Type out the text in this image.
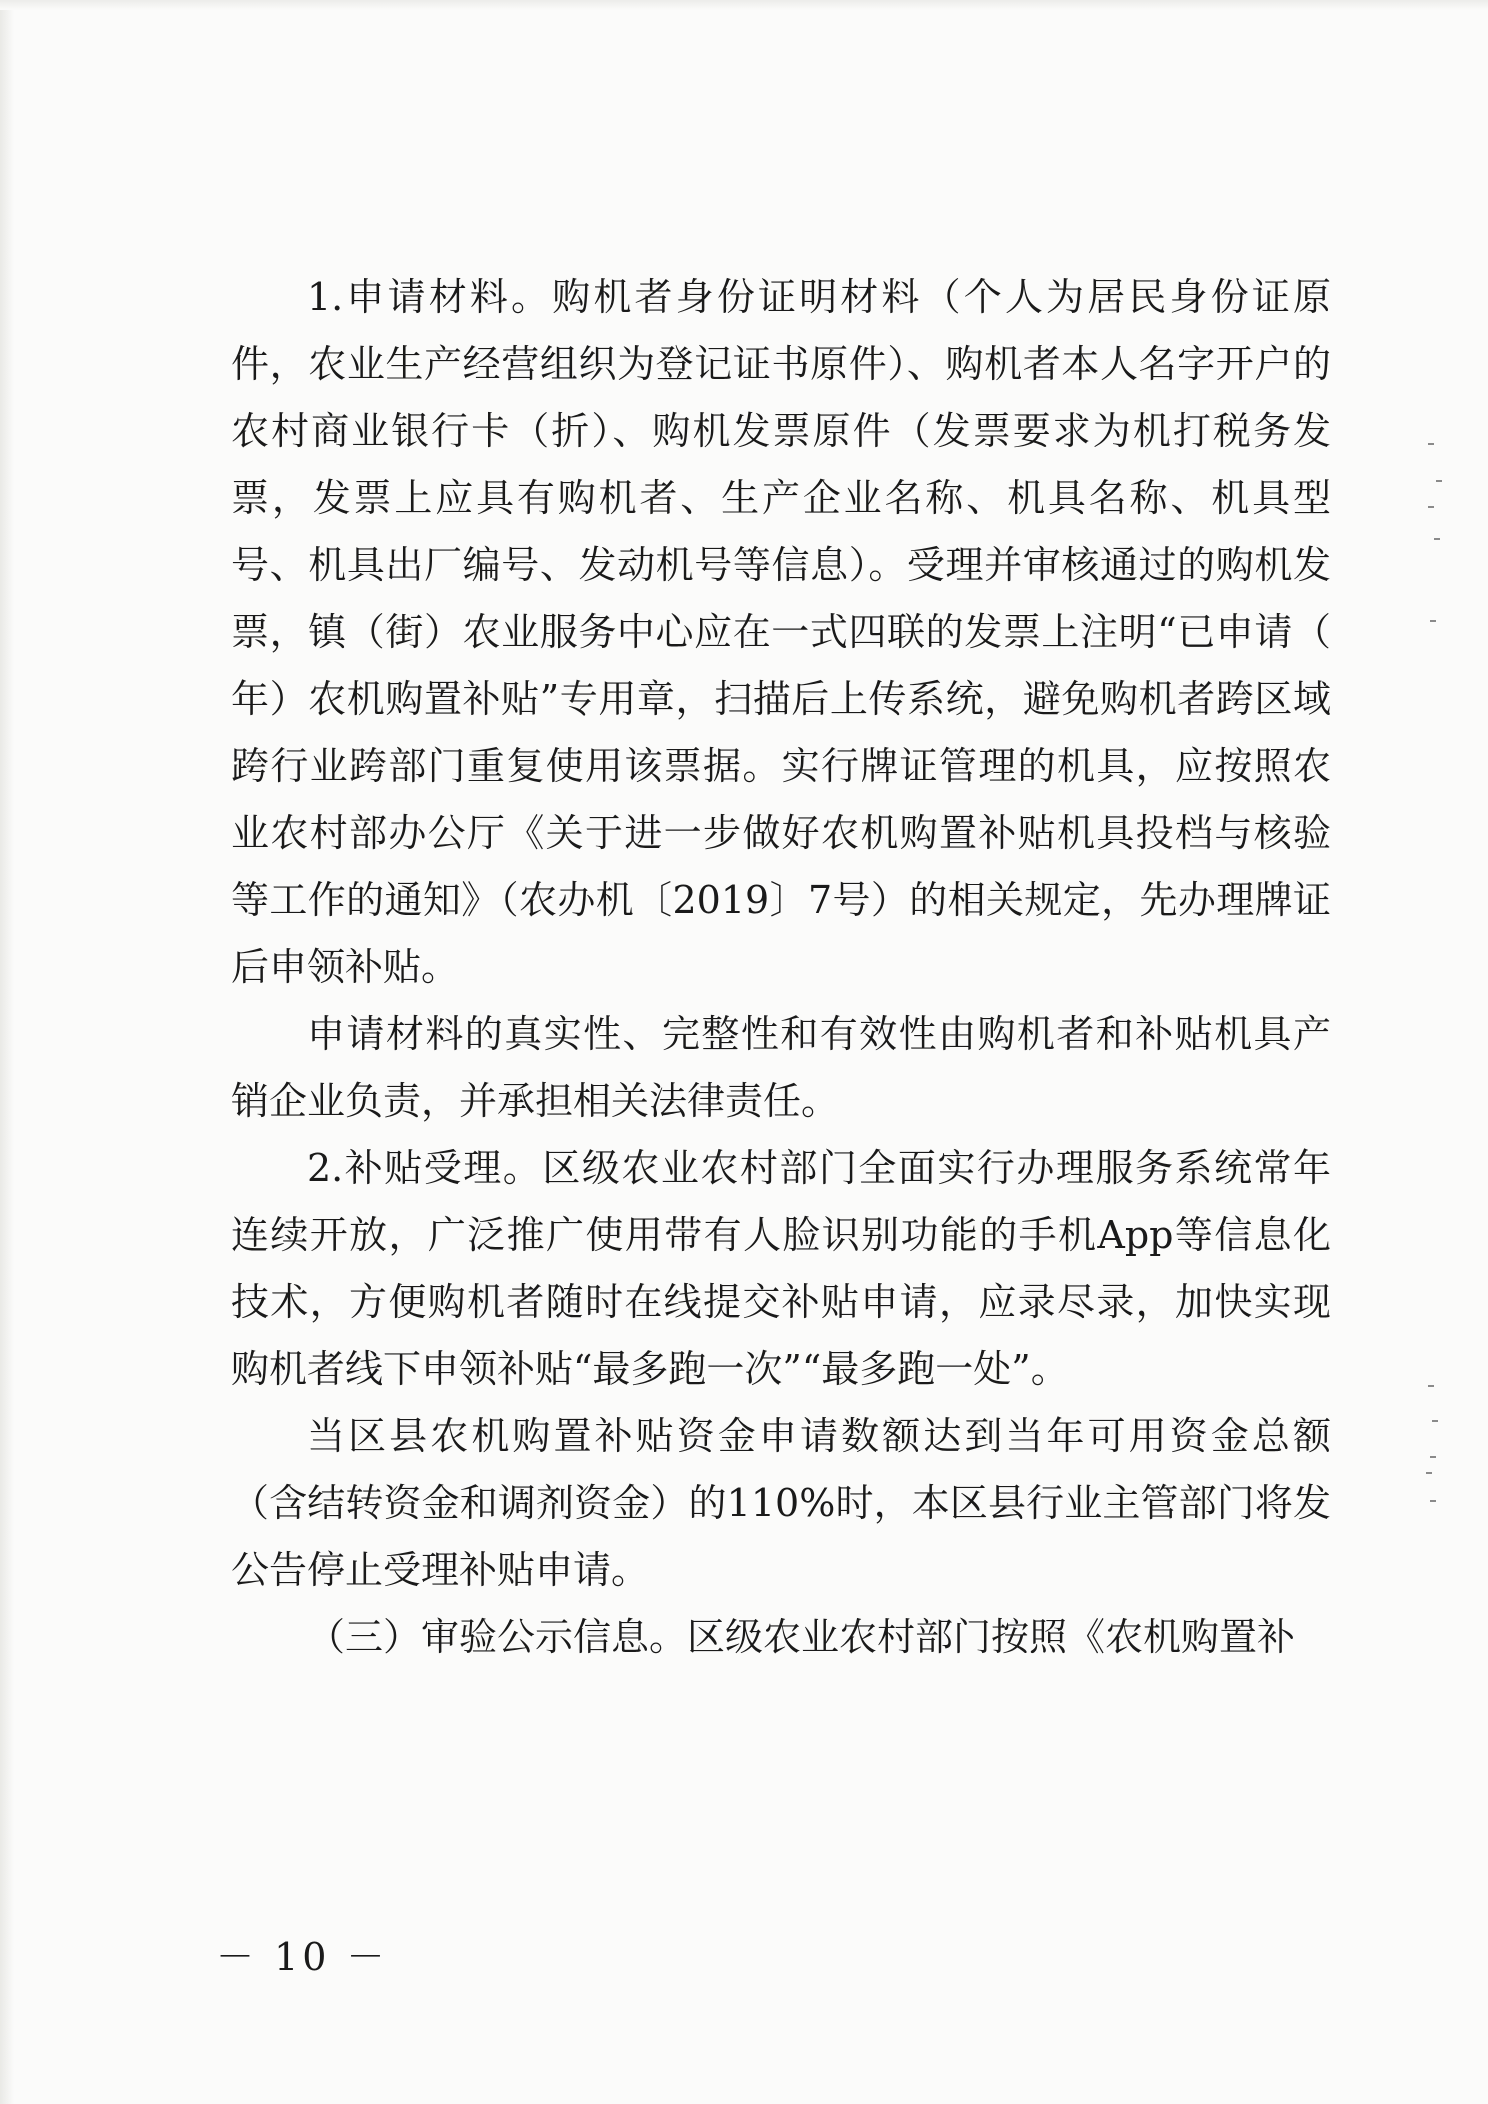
1.申请材料。购机者身份证明材料（个人为居民身份证原件，农业生产经营组织为登记证书原件）、购机者本人名字开户的农村商业银行卡（折）、购机发票原件（发票要求为机打税务发票，发票上应具有购机者、生产企业名称、机具名称、机具型号、机具出厂编号、发动机号等信息）。受理并审核通过的购机发票，镇（街）农业服务中心应在一式四联的发票上注明“已申请（　年）农机购置补贴”专用章，扫描后上传系统，避免购机者跨区域跨行业跨部门重复使用该票据。实行牌证管理的机具，应按照农业农村部办公厅《关于进一步做好农机购置补贴机具投档与核验等工作的通知》（农办机〔2019〕7号）的相关规定，先办理牌证后申领补贴。

申请材料的真实性、完整性和有效性由购机者和补贴机具产销企业负责，并承担相关法律责任。

2.补贴受理。区级农业农村部门全面实行办理服务系统常年连续开放，广泛推广使用带有人脸识别功能的手机App等信息化技术，方便购机者随时在线提交补贴申请，应录尽录，加快实现购机者线下申领补贴“最多跑一次”“最多跑一处”。

当区县农机购置补贴资金申请数额达到当年可用资金总额（含结转资金和调剂资金）的110%时，本区县行业主管部门将发公告停止受理补贴申请。

（三）审验公示信息。区级农业农村部门按照《农机购置补

－ 10 －
